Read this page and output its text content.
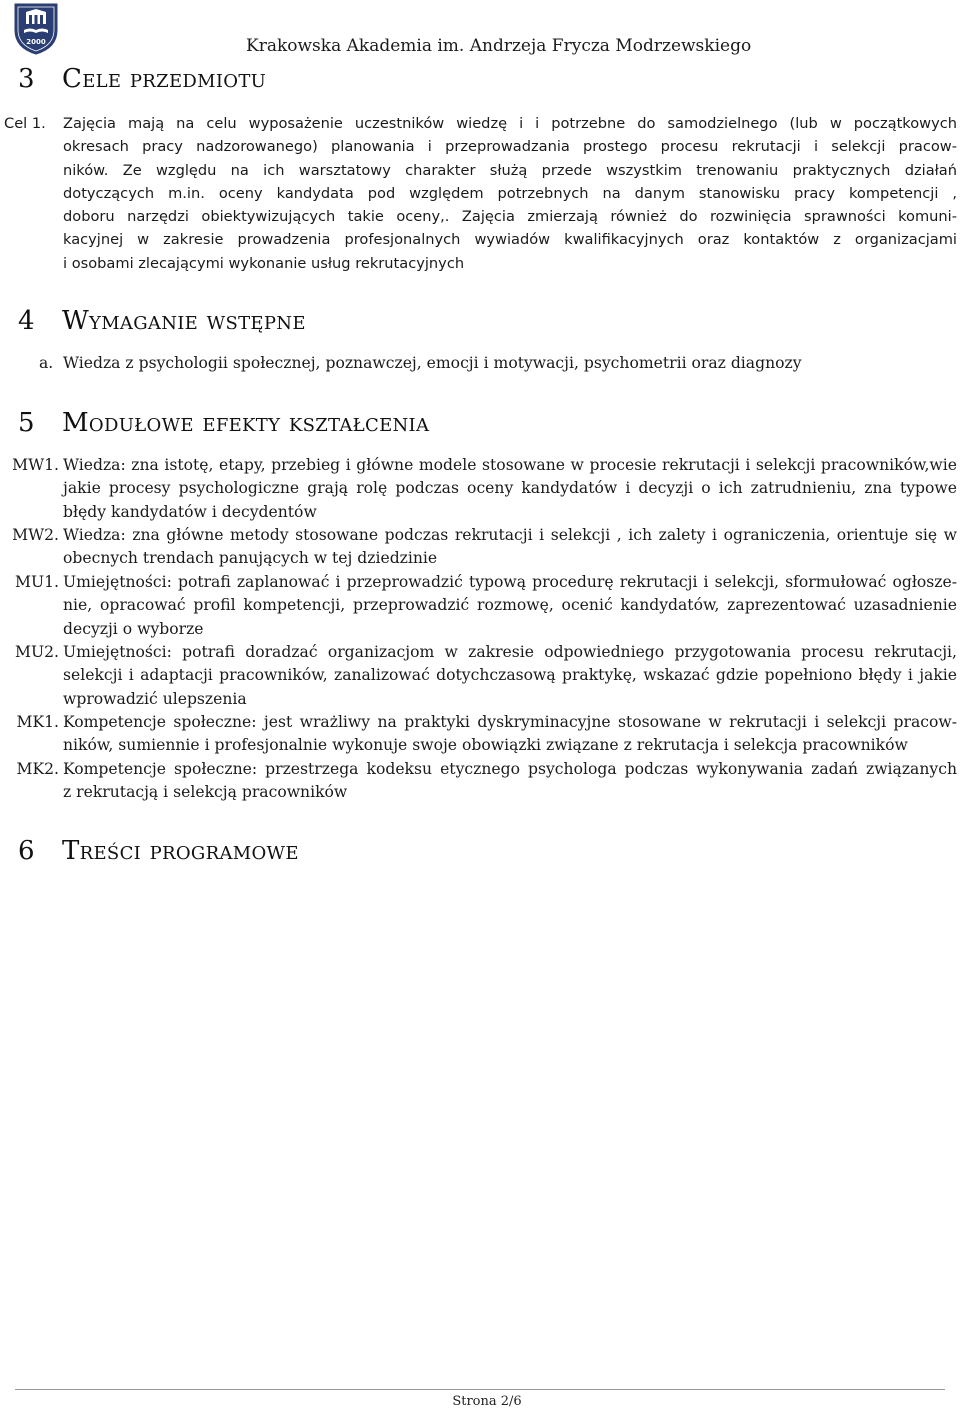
2000	Krakowska Akademia im. Andrzeja Frycza Modrzewskiego
3 Cele przedmiotu
Cel 1. Zajęcia mają na celu wyposażenie uczestników wiedzę i i potrzebne do samodzielnego (lub w początkowych
okresach pracy nadzorowanego) planowania i przeprowadzania prostego procesu rekrutacji i selekcji pracow-
ników. Ze względu na ich warsztatowy charakter służą przede wszystkim trenowaniu praktycznych działań
dotyczących m.in. oceny kandydata pod względem potrzebnych na danym stanowisku pracy kompetencji ,
doboru narzędzi obiektywizujących takie oceny,. Zajęcia zmierzają również do rozwinięcia sprawności komuni-
kacyjnej w zakresie prowadzenia profesjonalnych wywiadów kwalifikacyjnych oraz kontaktów z organizacjami
i osobami zlecającymi wykonanie usług rekrutacyjnych
4 Wymaganie wstępne
a. Wiedza z psychologii społecznej, poznawczej, emocji i motywacji, psychometrii oraz diagnozy
5 Modułowe efekty kształcenia
MW1. Wiedza: zna istotę, etapy, przebieg i główne modele stosowane w procesie rekrutacji i selekcji pracowników,wie
jakie procesy psychologiczne grają rolę podczas oceny kandydatów i decyzji o ich zatrudnieniu, zna typowe
błędy kandydatów i decydentów
MW2. Wiedza: zna główne metody stosowane podczas rekrutacji i selekcji , ich zalety i ograniczenia, orientuje się w
obecnych trendach panujących w tej dziedzinie
MU1. Umiejętności: potrafi zaplanować i przeprowadzić typową procedurę rekrutacji i selekcji, sformułować ogłosze-
nie, opracować profil kompetencji, przeprowadzić rozmowę, ocenić kandydatów, zaprezentować uzasadnienie
decyzji o wyborze
MU2. Umiejętności: potrafi doradzać organizacjom w zakresie odpowiedniego przygotowania procesu rekrutacji,
selekcji i adaptacji pracowników, zanalizować dotychczasową praktykę, wskazać gdzie popełniono błędy i jakie
wprowadzić ulepszenia
MK1. Kompetencje społeczne: jest wrażliwy na praktyki dyskryminacyjne stosowane w rekrutacji i selekcji pracow-
ników, sumiennie i profesjonalnie wykonuje swoje obowiązki związane z rekrutacja i selekcja pracowników
MK2. Kompetencje społeczne: przestrzega kodeksu etycznego psychologa podczas wykonywania zadań związanych
z rekrutacją i selekcją pracowników
6 Treści programowe
Strona 2/6
